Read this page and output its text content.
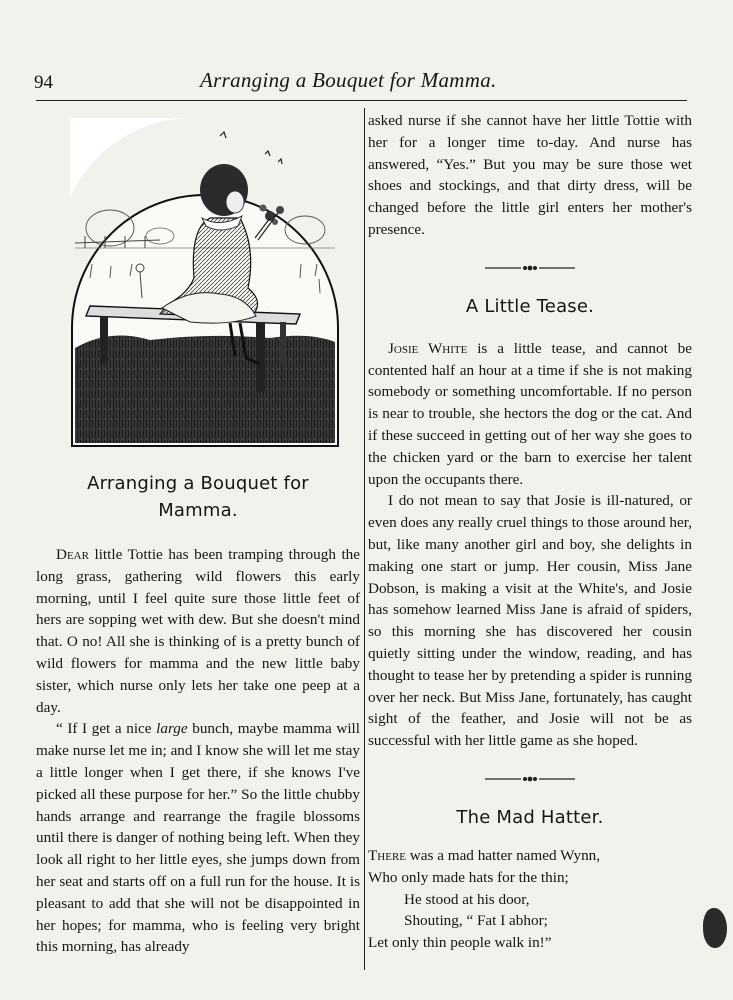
94	Arranging a Bouquet for Mamma.
Arranging a Bouquet for
Mamma.

Dear little Tottie has been tramping through the long grass, gathering wild flowers this early morning, until I feel quite sure those little feet of hers are sopping wet with dew. But she doesn't mind that. O no! All she is thinking of is a pretty bunch of wild flowers for mamma and the new little baby sister, which nurse only lets her take one peep at a day.

“ If I get a nice large bunch, maybe mamma will make nurse let me in; and I know she will let me stay a little longer when I get there, if she knows I've picked all these purpose for her.” So the little chubby hands arrange and rearrange the fragile blossoms until there is danger of nothing being left. When they look all right to her little eyes, she jumps down from her seat and starts off on a full run for the house. It is pleasant to add that she will not be disappointed in her hopes; for mamma, who is feeling very bright this morning, has already

asked nurse if she cannot have her little Tottie with her for a longer time to-day. And nurse has answered, “Yes.” But you may be sure those wet shoes and stockings, and that dirty dress, will be changed before the little girl enters her mother's presence.

A Little Tease.

Josie White is a little tease, and cannot be contented half an hour at a time if she is not making somebody or something uncomfortable. If no person is near to trouble, she hectors the dog or the cat. And if these succeed in getting out of her way she goes to the chicken yard or the barn to exercise her talent upon the occupants there.

I do not mean to say that Josie is ill-natured, or even does any really cruel things to those around her, but, like many another girl and boy, she delights in making one start or jump. Her cousin, Miss Jane Dobson, is making a visit at the White's, and Josie has somehow learned Miss Jane is afraid of spiders, so this morning she has discovered her cousin quietly sitting under the window, reading, and has thought to tease her by pretending a spider is running over her neck. But Miss Jane, fortunately, has caught sight of the feather, and Josie will not be as successful with her little game as she hoped.

The Mad Hatter.
There was a mad hatter named Wynn,
Who only made hats for the thin;
He stood at his door,
Shouting, “ Fat I abhor;
Let only thin people walk in!”
